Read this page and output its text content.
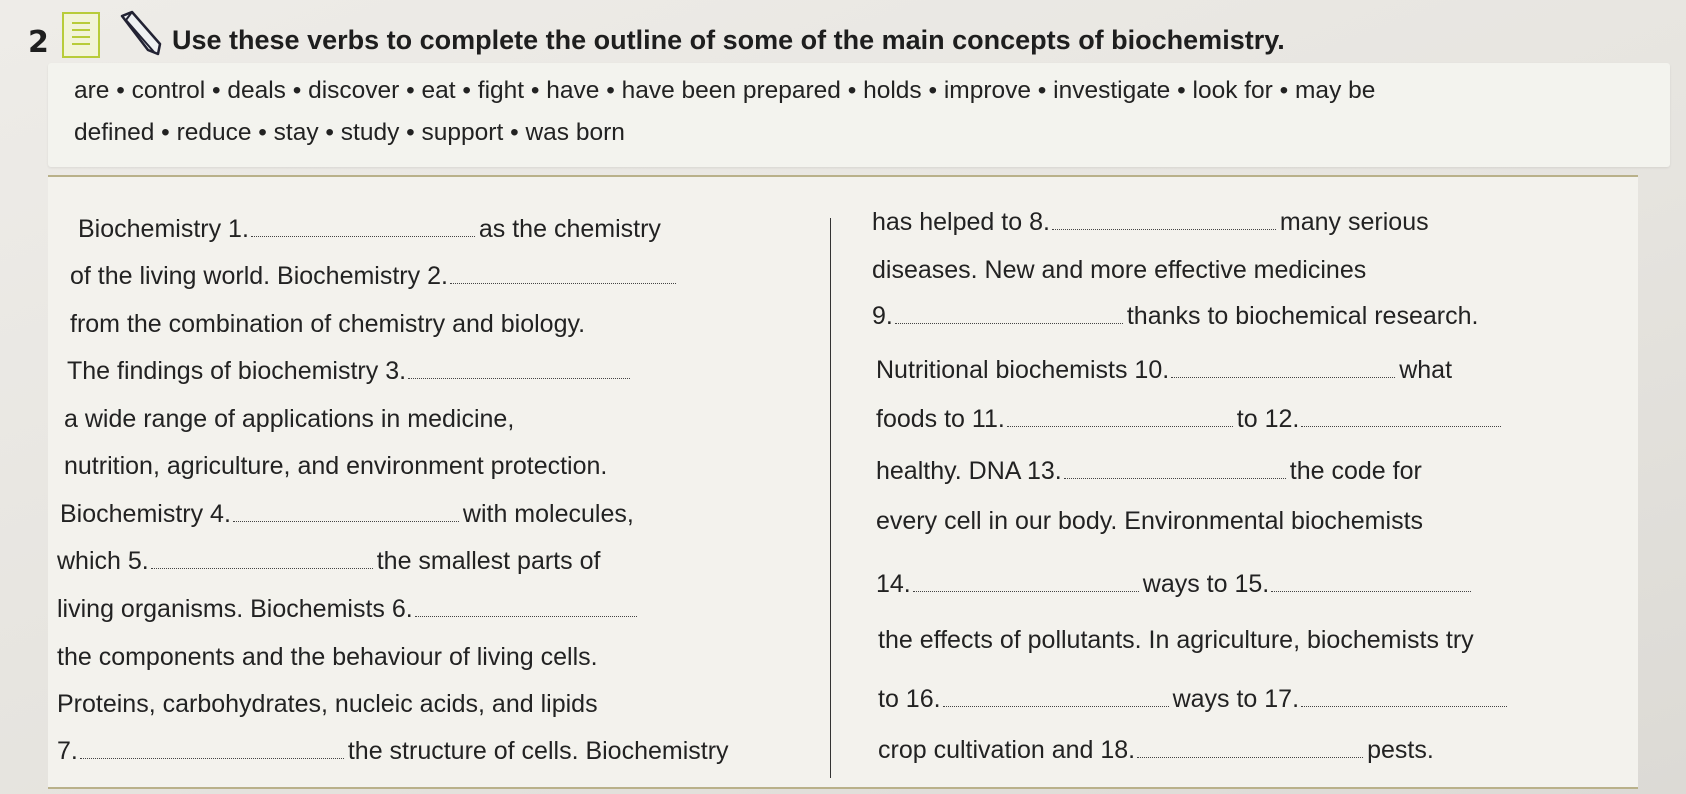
2	Use these verbs to complete the outline of some of the main concepts of biochemistry.
are • control • deals • discover • eat • fight • have • have been prepared • holds • improve • investigate • look for • may be
defined • reduce • stay • study • support • was born
Biochemistry 1.	as the chemistry
of the living world. Biochemistry 2.
from the combination of chemistry and biology.
The findings of biochemistry 3.
a wide range of applications in medicine,
nutrition, agriculture, and environment protection.
Biochemistry 4.	with molecules,
which 5.	the smallest parts of
living organisms. Biochemists 6.
the components and the behaviour of living cells.
Proteins, carbohydrates, nucleic acids, and lipids
7.	the structure of cells. Biochemistry
has helped to 8.	many serious
diseases. New and more effective medicines
9.	thanks to biochemical research.
Nutritional biochemists 10.	what
foods to 11.	to 12.
healthy. DNA 13.	the code for
every cell in our body. Environmental biochemists
14.	ways to 15.
the effects of pollutants. In agriculture, biochemists try
to 16.	ways to 17.
crop cultivation and 18.	pests.
